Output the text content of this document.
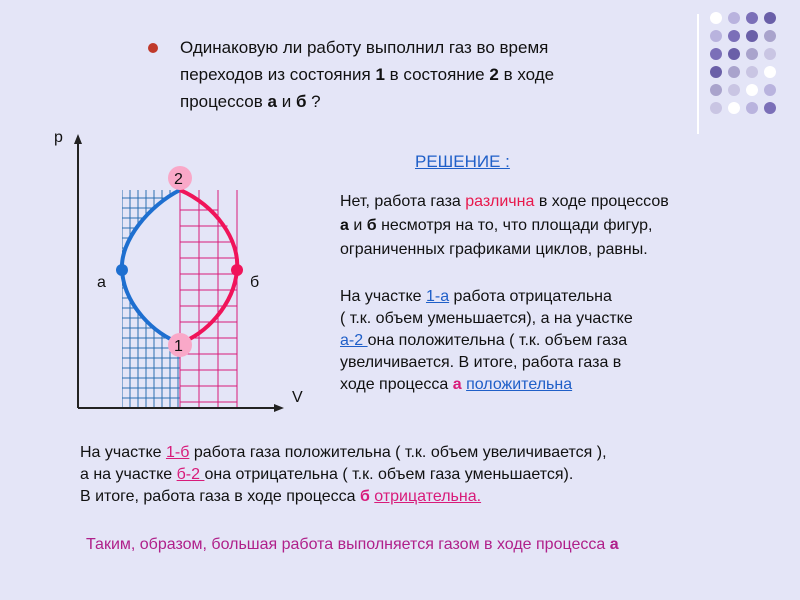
Одинаковую ли работу выполнил газ во время
переходов из состояния 1 в состояние 2 в ходе
процессов а и б ?
2
1
p
V
а	б
РЕШЕНИЕ :
Нет, работа газа различна в ходе процессов
а и б несмотря на то, что площади фигур,
ограниченных графиками циклов, равны.
На участке 1-а работа отрицательна
( т.к. объем уменьшается), а на участке
а-2 она положительна ( т.к. объем газа
увеличивается. В итоге, работа газа в
ходе процесса а положительна
На участке 1-б работа газа положительна ( т.к. объем увеличивается ),
а на участке б-2 она отрицательна ( т.к. объем газа уменьшается).
В итоге, работа газа в ходе процесса б отрицательна.
Таким, образом, большая работа выполняется газом в ходе процесса а
